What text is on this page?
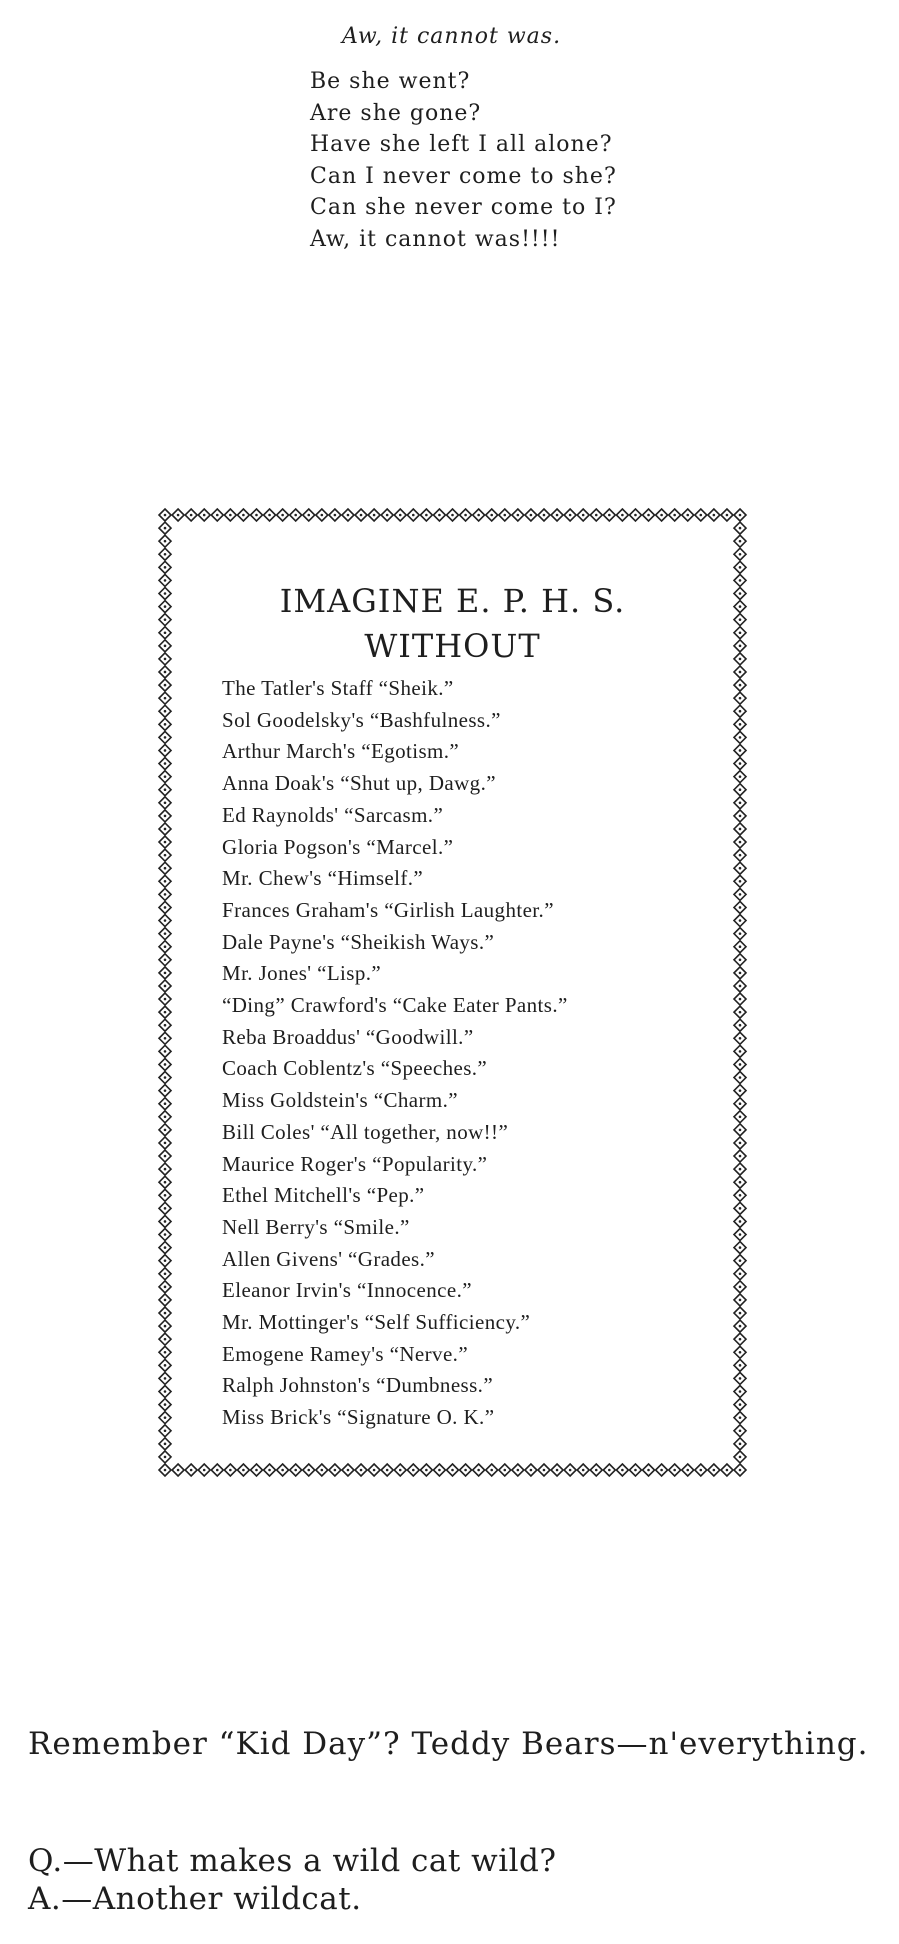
Aw, it cannot was.
Be she went?
Are she gone?
Have she left I all alone?
Can I never come to she?
Can she never come to I?
Aw, it cannot was!!!!
IMAGINE E. P. H. S.
WITHOUT
The Tatler's Staff “Sheik.”
Sol Goodelsky's “Bashfulness.”
Arthur March's “Egotism.”
Anna Doak's “Shut up, Dawg.”
Ed Raynolds' “Sarcasm.”
Gloria Pogson's “Marcel.”
Mr. Chew's “Himself.”
Frances Graham's “Girlish Laughter.”
Dale Payne's “Sheikish Ways.”
Mr. Jones' “Lisp.”
“Ding” Crawford's “Cake Eater Pants.”
Reba Broaddus' “Goodwill.”
Coach Coblentz's “Speeches.”
Miss Goldstein's “Charm.”
Bill Coles' “All together, now!!”
Maurice Roger's “Popularity.”
Ethel Mitchell's “Pep.”
Nell Berry's “Smile.”
Allen Givens' “Grades.”
Eleanor Irvin's “Innocence.”
Mr. Mottinger's “Self Sufficiency.”
Emogene Ramey's “Nerve.”
Ralph Johnston's “Dumbness.”
Miss Brick's “Signature O. K.”
Remember “Kid Day”? Teddy Bears—n'everything.
Q.—What makes a wild cat wild?
A.—Another wildcat.
